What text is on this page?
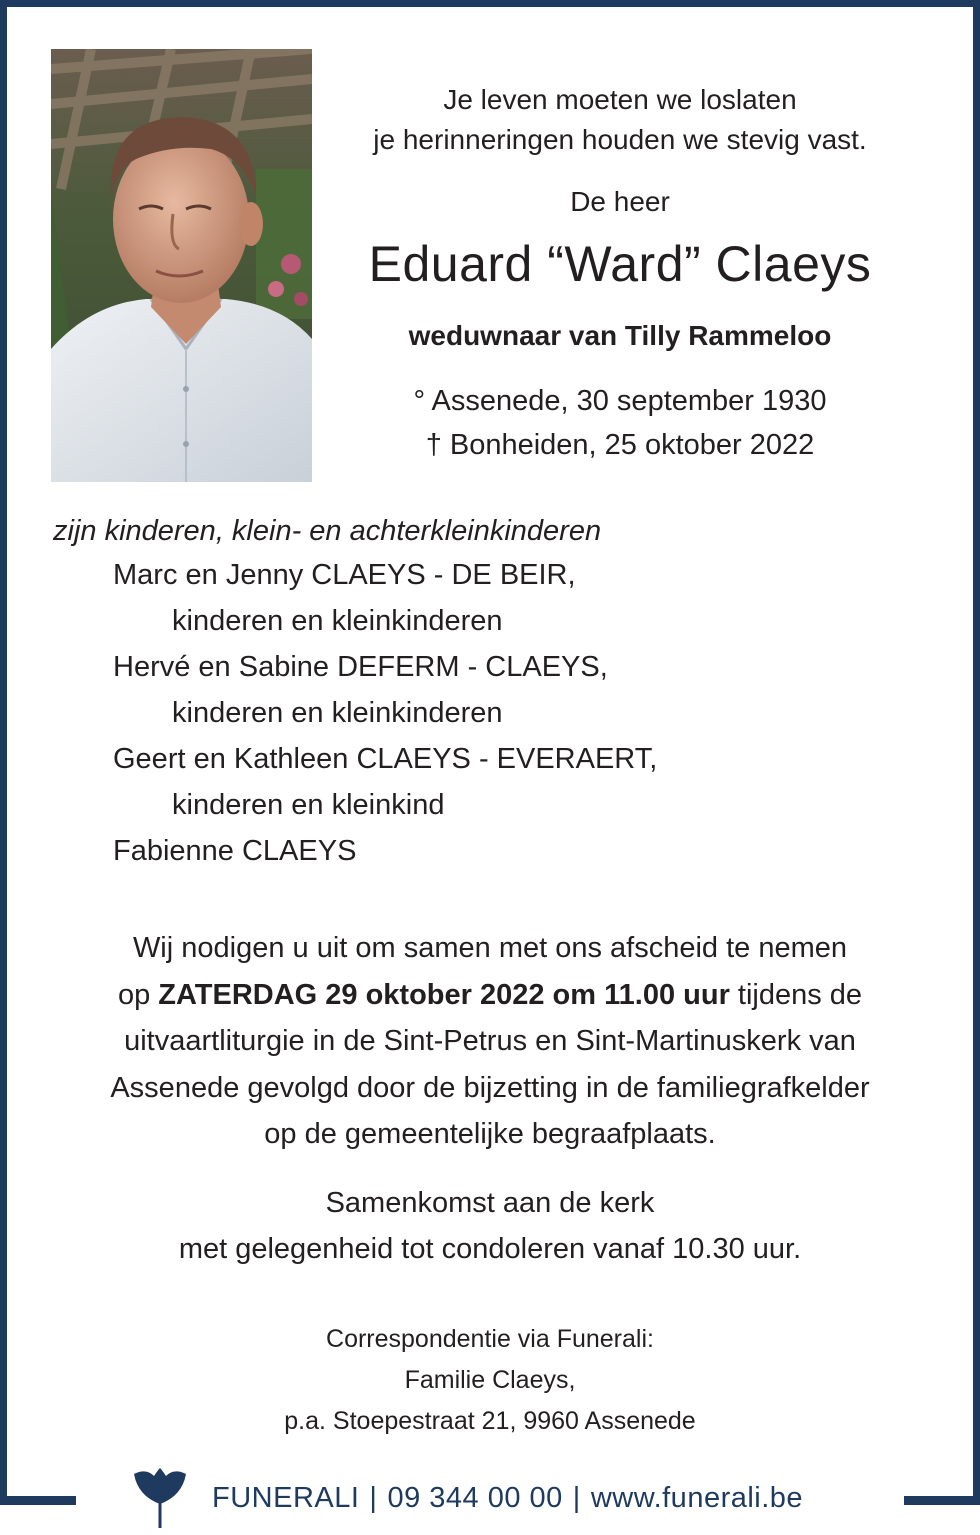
Je leven moeten we loslaten
je herinneringen houden we stevig vast.
De heer
Eduard “Ward” Claeys
weduwnaar van Tilly Rammeloo
° Assenede, 30 september 1930
† Bonheiden, 25 oktober 2022
zijn kinderen, klein- en achterkleinkinderen
Marc en Jenny CLAEYS - DE BEIR,
kinderen en kleinkinderen
Hervé en Sabine DEFERM - CLAEYS,
kinderen en kleinkinderen
Geert en Kathleen CLAEYS - EVERAERT,
kinderen en kleinkind
Fabienne CLAEYS
Wij nodigen u uit om samen met ons afscheid te nemen
op ZATERDAG 29 oktober 2022 om 11.00 uur tijdens de
uitvaartliturgie in de Sint-Petrus en Sint-Martinuskerk van
Assenede gevolgd door de bijzetting in de familiegrafkelder
op de gemeentelijke begraafplaats.
Samenkomst aan de kerk
met gelegenheid tot condoleren vanaf 10.30 uur.
Correspondentie via Funerali:
Familie Claeys,
p.a. Stoepestraat 21, 9960 Assenede
FUNERALI | 09 344 00 00 | www.funerali.be
